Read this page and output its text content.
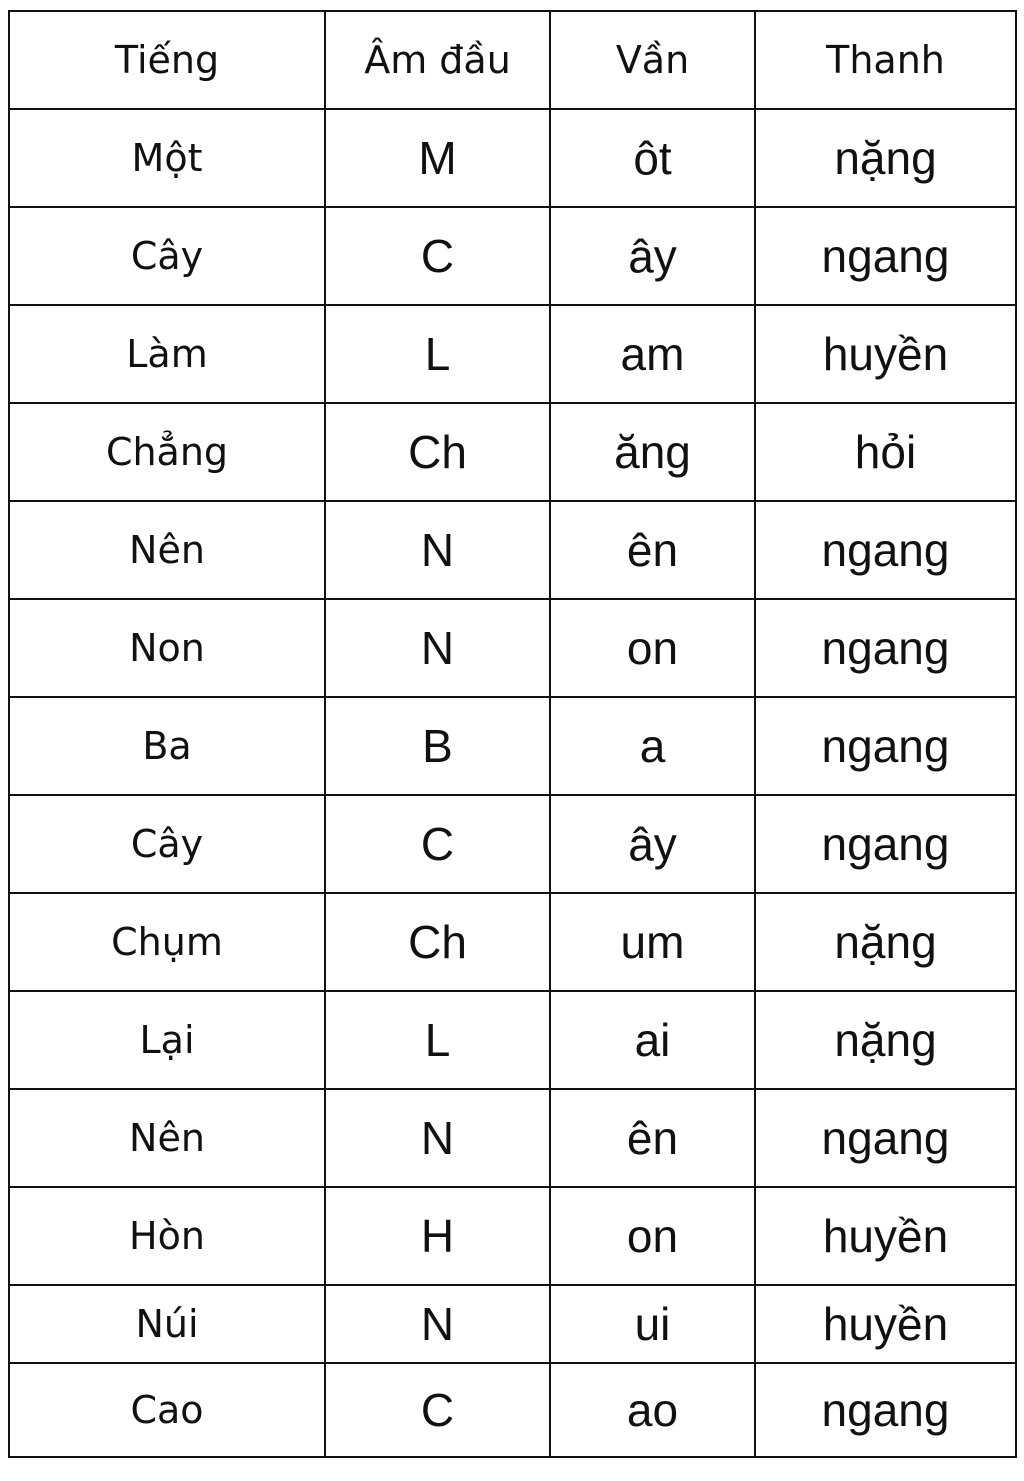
Tiếng	Âm đầu	Vần	Thanh
Một	M	ôt	nặng
Cây	C	ây	ngang
Làm	L	am	huyền
Chẳng	Ch	ăng	hỏi
Nên	N	ên	ngang
Non	N	on	ngang
Ba	B	a	ngang
Cây	C	ây	ngang
Chụm	Ch	um	nặng
Lại	L	ai	nặng
Nên	N	ên	ngang
Hòn	H	on	huyền
Núi	N	ui	huyền
Cao	C	ao	ngang
